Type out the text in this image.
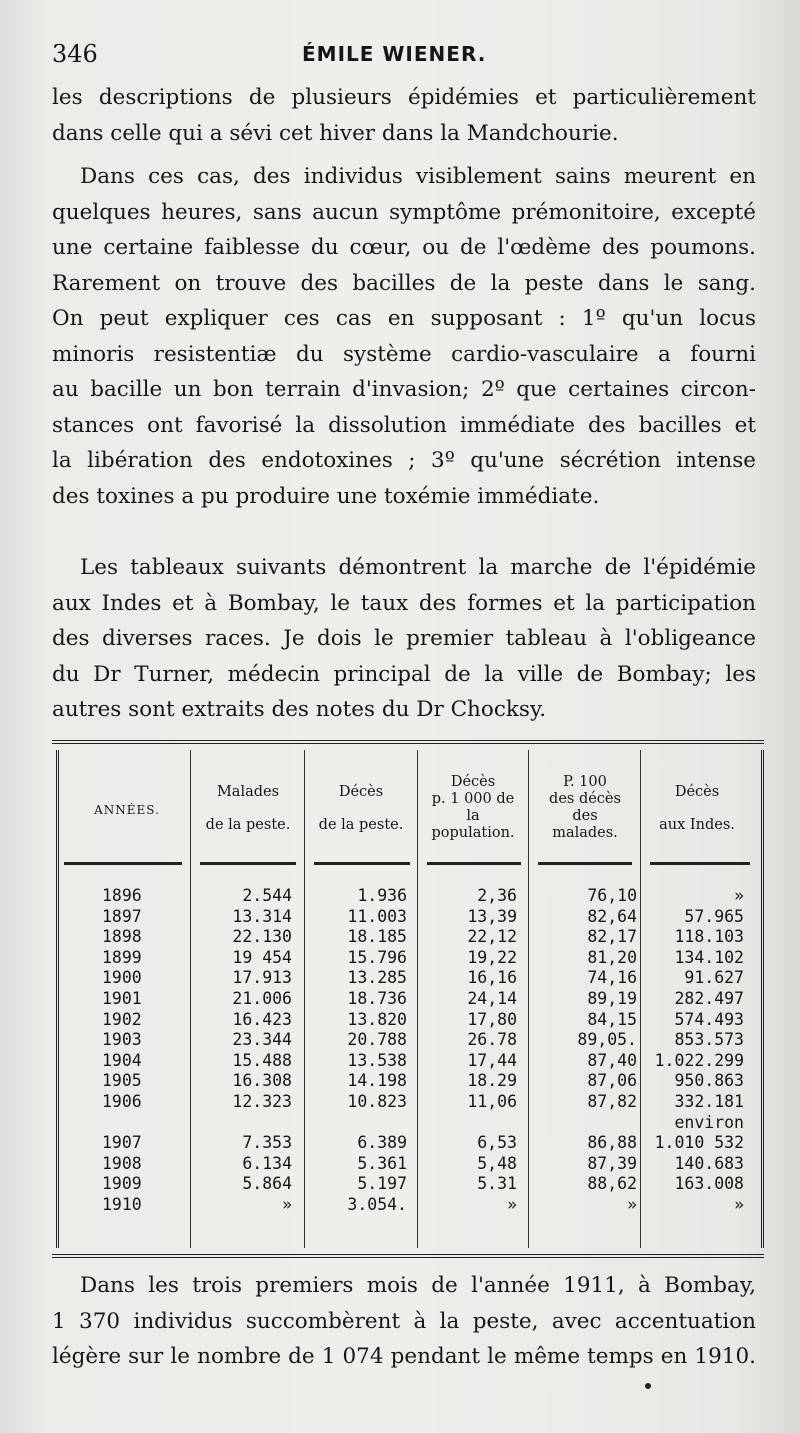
346	ÉMILE WIENER.

les descriptions de plusieurs épidémies et particulièrement
dans celle qui a sévi cet hiver dans la Mandchourie.

Dans ces cas, des individus visiblement sains meurent en
quelques heures, sans aucun symptôme prémonitoire, excepté
une certaine faiblesse du cœur, ou de l'œdème des poumons.
Rarement on trouve des bacilles de la peste dans le sang.
On peut expliquer ces cas en supposant : 1º qu'un locus
minoris resistentiæ du système cardio-vasculaire a fourni
au bacille un bon terrain d'invasion; 2º que certaines circon-
stances ont favorisé la dissolution immédiate des bacilles et
la libération des endotoxines ; 3º qu'une sécrétion intense
des toxines a pu produire une toxémie immédiate.

Les tableaux suivants démontrent la marche de l'épidémie
aux Indes et à Bombay, le taux des formes et la participation
des diverses races. Je dois le premier tableau à l'obligeance
du Dr Turner, médecin principal de la ville de Bombay; les
autres sont extraits des notes du Dr Chocksy.

ANNÉES.
Malades
de la peste.
Décès
de la peste.
Décès
p. 1 000 de
la
population.
P. 100
des décès
des
malades.
Décès
aux Indes.
1896
1897
1898
1899
1900
1901
1902
1903
1904
1905
1906

1907
1908
1909
1910
2.544
13.314
22.130
19 454
17.913
21.006
16.423
23.344
15.488
16.308
12.323

7.353
6.134
5.864
»
1.936
11.003
18.185
15.796
13.285
18.736
13.820
20.788
13.538
14.198
10.823

6.389
5.361
5.197
3.054.
2,36
13,39
22,12
19,22
16,16
24,14
17,80
26.78
17,44
18.29
11,06

6,53
5,48
5.31
»
76,10
82,64
82,17
81,20
74,16
89,19
84,15
89,05.
87,40
87,06
87,82

86,88
87,39
88,62
»
»
57.965
118.103
134.102
91.627
282.497
574.493
853.573
1.022.299
950.863
332.181
environ
1.010 532
140.683
163.008
»

Dans les trois premiers mois de l'année 1911, à Bombay,
1 370 individus succombèrent à la peste, avec accentuation
légère sur le nombre de 1 074 pendant le même temps en 1910.
